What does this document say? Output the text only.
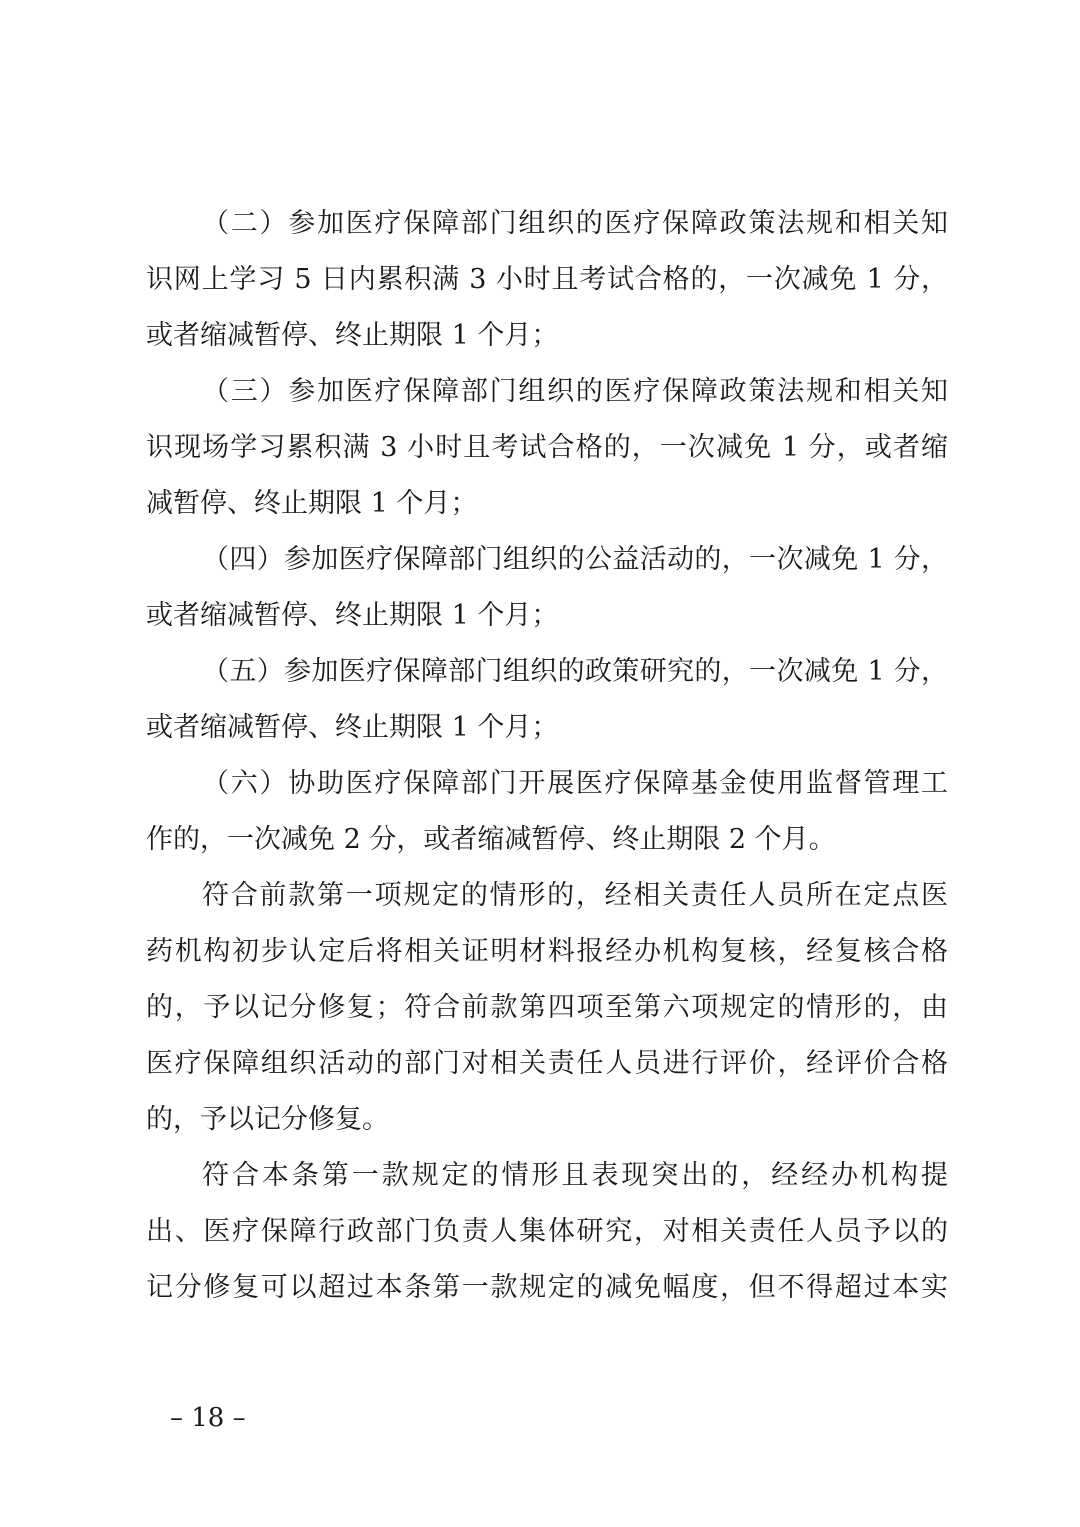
（二）参加医疗保障部门组织的医疗保障政策法规和相关知
识网上学习 5 日内累积满 3 小时且考试合格的，一次减免 1 分，
或者缩减暂停、终止期限 1 个月；
（三）参加医疗保障部门组织的医疗保障政策法规和相关知
识现场学习累积满 3 小时且考试合格的，一次减免 1 分，或者缩
减暂停、终止期限 1 个月；
（四）参加医疗保障部门组织的公益活动的，一次减免 1 分，
或者缩减暂停、终止期限 1 个月；
（五）参加医疗保障部门组织的政策研究的，一次减免 1 分，
或者缩减暂停、终止期限 1 个月；
（六）协助医疗保障部门开展医疗保障基金使用监督管理工
作的，一次减免 2 分，或者缩减暂停、终止期限 2 个月。
符合前款第一项规定的情形的，经相关责任人员所在定点医
药机构初步认定后将相关证明材料报经办机构复核，经复核合格
的，予以记分修复；符合前款第四项至第六项规定的情形的，由
医疗保障组织活动的部门对相关责任人员进行评价，经评价合格
的，予以记分修复。
符合本条第一款规定的情形且表现突出的，经经办机构提
出、医疗保障行政部门负责人集体研究，对相关责任人员予以的
记分修复可以超过本条第一款规定的减免幅度，但不得超过本实
– 18 –
